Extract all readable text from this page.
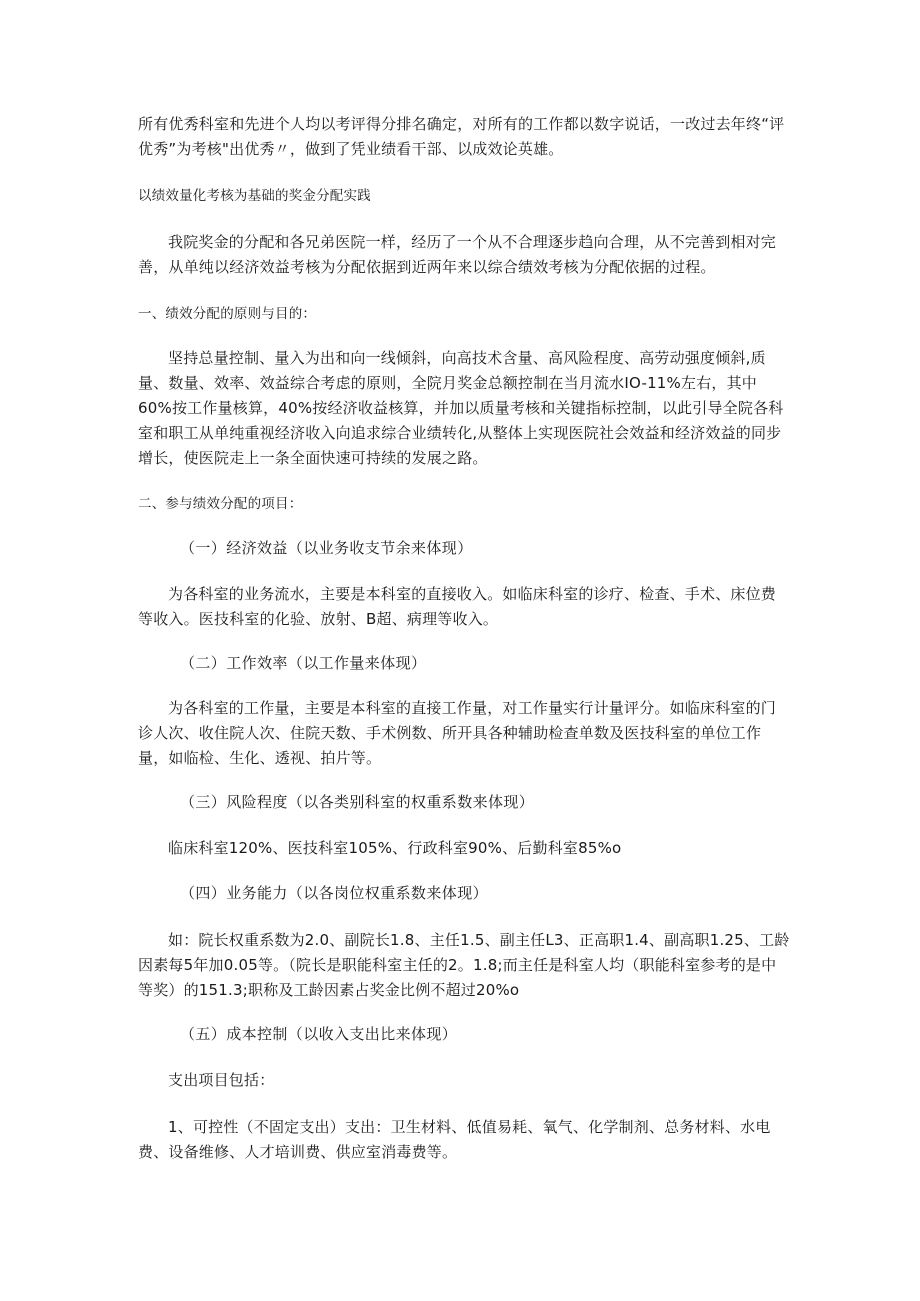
所有优秀科室和先进个人均以考评得分排名确定，对所有的工作都以数字说话，一改过去年终“评优秀”为考核"出优秀〃，做到了凭业绩看干部、以成效论英雄。

以绩效量化考核为基础的奖金分配实践

我院奖金的分配和各兄弟医院一样，经历了一个从不合理逐步趋向合理，从不完善到相对完善，从单纯以经济效益考核为分配依据到近两年来以综合绩效考核为分配依据的过程。

一、绩效分配的原则与目的：

坚持总量控制、量入为出和向一线倾斜，向高技术含量、高风险程度、高劳动强度倾斜,质量、数量、效率、效益综合考虑的原则，全院月奖金总额控制在当月流水IO-11%左右，其中60%按工作量核算，40%按经济收益核算，并加以质量考核和关键指标控制，以此引导全院各科室和职工从单纯重视经济收入向追求综合业绩转化,从整体上实现医院社会效益和经济效益的同步增长，使医院走上一条全面快速可持续的发展之路。

二、参与绩效分配的项目：

（一）经济效益（以业务收支节余来体现）

为各科室的业务流水，主要是本科室的直接收入。如临床科室的诊疗、检查、手术、床位费等收入。医技科室的化验、放射、B超、病理等收入。

（二）工作效率（以工作量来体现）

为各科室的工作量，主要是本科室的直接工作量，对工作量实行计量评分。如临床科室的门诊人次、收住院人次、住院天数、手术例数、所开具各种辅助检查单数及医技科室的单位工作量，如临检、生化、透视、拍片等。

（三）风险程度（以各类别科室的权重系数来体现）

临床科室120%、医技科室105%、行政科室90%、后勤科室85%o

（四）业务能力（以各岗位权重系数来体现）

如：院长权重系数为2.0、副院长1.8、主任1.5、副主任L3、正高职1.4、副高职1.25、工龄因素每5年加0.05等。（院长是职能科室主任的2。1.8;而主任是科室人均（职能科室参考的是中等奖）的151.3;职称及工龄因素占奖金比例不超过20%o

（五）成本控制（以收入支出比来体现）

支出项目包括：

1、可控性（不固定支出）支出：卫生材料、低值易耗、氧气、化学制剂、总务材料、水电费、设备维修、人才培训费、供应室消毒费等。
